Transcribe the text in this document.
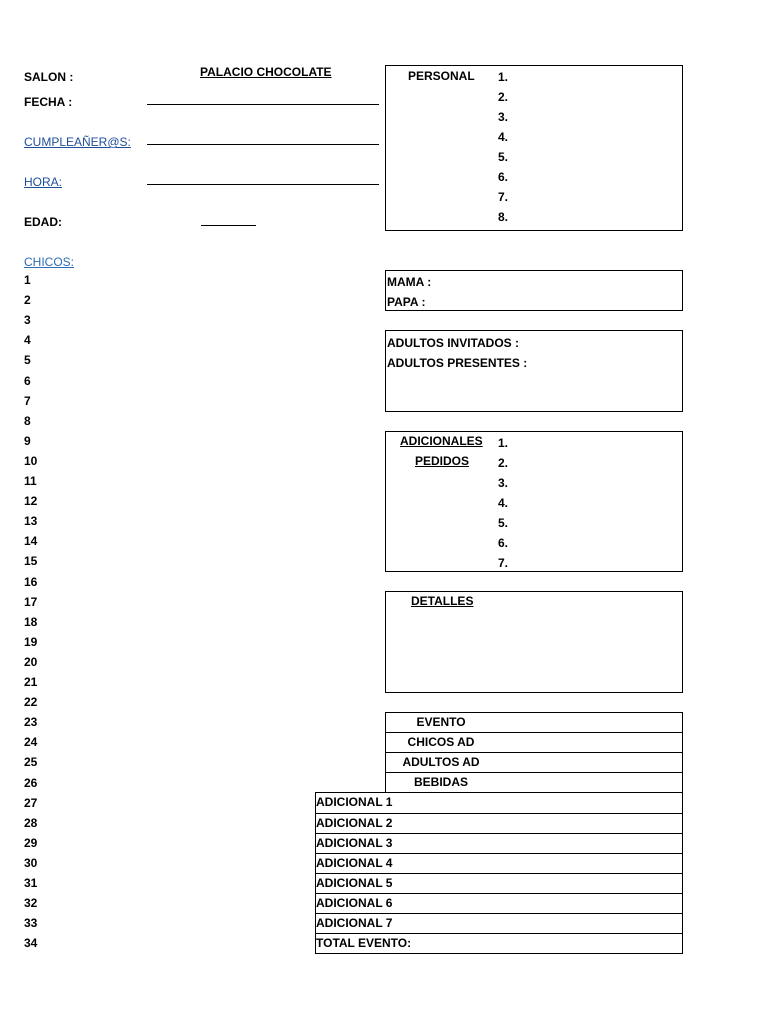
SALON :	PALACIO CHOCOLATE
FECHA :
CUMPLEAÑER@S:
HORA:
EDAD:
CHICOS:
1
2
3
4
5
6
7
8
9
10
11
12
13
14
15
16
17
18
19
20
21
22
23
24
25
26
27
28
29
30
31
32
33
34
PERSONAL 1.
2.
3.
4.
5.
6.
7.
8.
MAMA :
PAPA :
ADULTOS INVITADOS :
ADULTOS PRESENTES :
ADICIONALES
PEDIDOS
1.
2.
3.
4.
5.
6.
7.
DETALLES
EVENTO
CHICOS AD
ADULTOS AD
BEBIDAS
ADICIONAL 1
ADICIONAL 2
ADICIONAL 3
ADICIONAL 4
ADICIONAL 5
ADICIONAL 6
ADICIONAL 7
TOTAL EVENTO:
